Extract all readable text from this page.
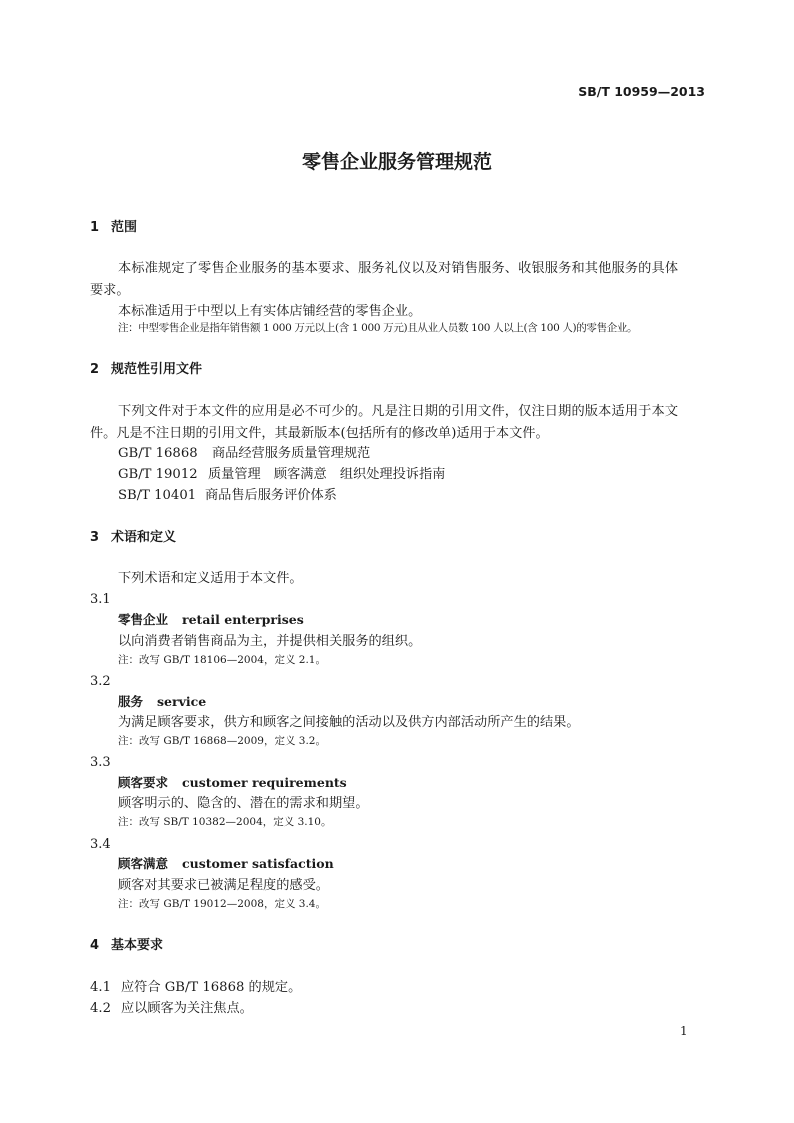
SB/T 10959—2013
零售企业服务管理规范
1 范围
本标准规定了零售企业服务的基本要求、服务礼仪以及对销售服务、收银服务和其他服务的具体
要求。
本标准适用于中型以上有实体店铺经营的零售企业。
注：中型零售企业是指年销售额 1 000 万元以上(含 1 000 万元)且从业人员数 100 人以上(含 100 人)的零售企业。
2 规范性引用文件
下列文件对于本文件的应用是必不可少的。凡是注日期的引用文件，仅注日期的版本适用于本文
件。凡是不注日期的引用文件，其最新版本(包括所有的修改单)适用于本文件。
GB/T 16868 商品经营服务质量管理规范
GB/T 19012 质量管理　顾客满意　组织处理投诉指南
SB/T 10401 商品售后服务评价体系
3 术语和定义
下列术语和定义适用于本文件。
3.1
零售企业 retail enterprises
以向消费者销售商品为主，并提供相关服务的组织。
注：改写 GB/T 18106—2004，定义 2.1。
3.2
服务 service
为满足顾客要求，供方和顾客之间接触的活动以及供方内部活动所产生的结果。
注：改写 GB/T 16868—2009，定义 3.2。
3.3
顾客要求 customer requirements
顾客明示的、隐含的、潜在的需求和期望。
注：改写 SB/T 10382—2004，定义 3.10。
3.4
顾客满意 customer satisfaction
顾客对其要求已被满足程度的感受。
注：改写 GB/T 19012—2008，定义 3.4。
4 基本要求
4.1 应符合 GB/T 16868 的规定。
4.2 应以顾客为关注焦点。
1
